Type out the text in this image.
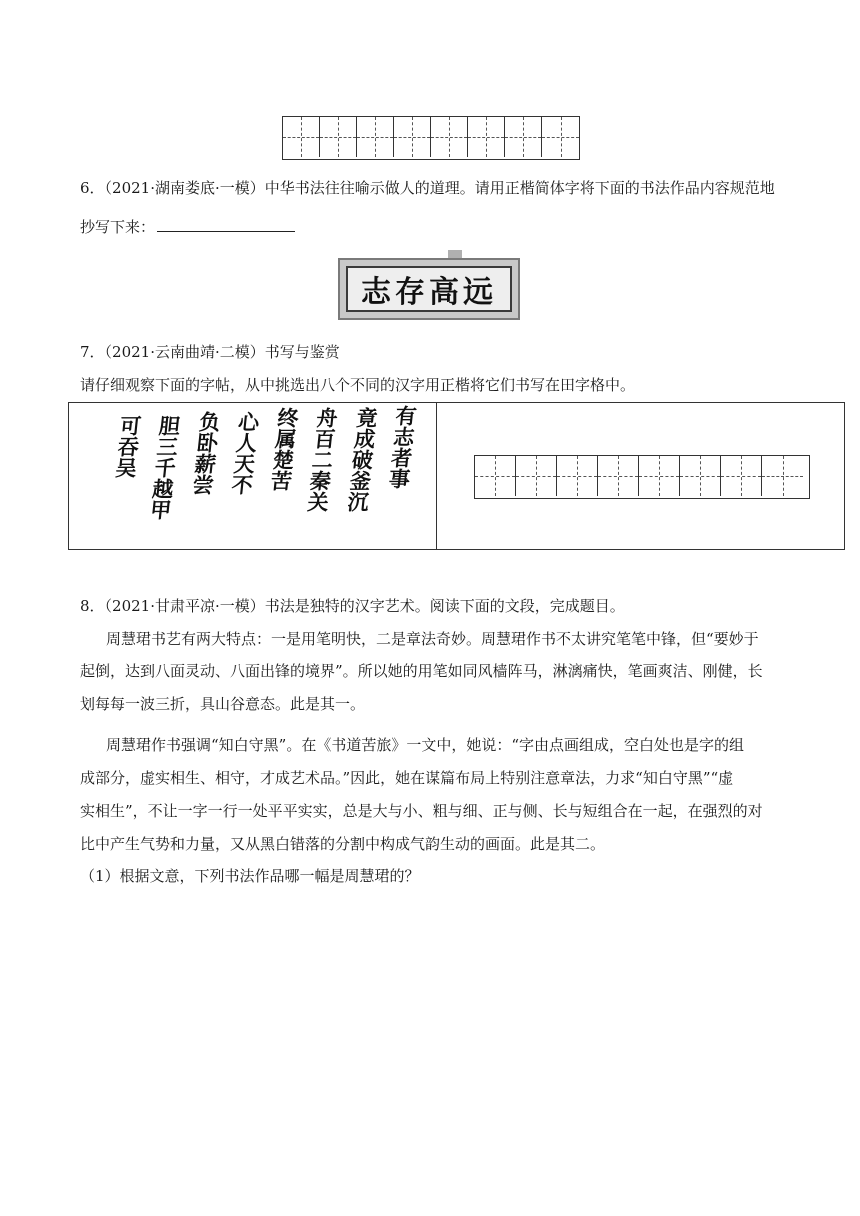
6．（2021·湖南娄底·一模）中华书法往往喻示做人的道理。请用正楷简体字将下面的书法作品内容规范地
抄写下来：
志存高远
7．（2021·云南曲靖·二模）书写与鉴赏
请仔细观察下面的字帖，从中挑选出八个不同的汉字用正楷将它们书写在田字格中。
有志者事
竟成破釜沉
舟百二秦关
终属楚苦
心人天不
负卧薪尝
胆三千越甲
可吞吴
8．（2021·甘肃平凉·一模）书法是独特的汉字艺术。阅读下面的文段，完成题目。
周慧珺书艺有两大特点：一是用笔明快，二是章法奇妙。周慧珺作书不太讲究笔笔中锋，但“要妙于
起倒，达到八面灵动、八面出锋的境界”。所以她的用笔如同风樯阵马，淋漓痛快，笔画爽洁、刚健，长
划每每一波三折，具山谷意态。此是其一。
周慧珺作书强调“知白守黑”。在《书道苦旅》一文中，她说：“字由点画组成，空白处也是字的组
成部分，虚实相生、相守，才成艺术品。”因此，她在谋篇布局上特别注意章法，力求“知白守黑”“虚
实相生”，不让一字一行一处平平实实，总是大与小、粗与细、正与侧、长与短组合在一起，在强烈的对
比中产生气势和力量，又从黑白错落的分割中构成气韵生动的画面。此是其二。
（1）根据文意，下列书法作品哪一幅是周慧珺的？
